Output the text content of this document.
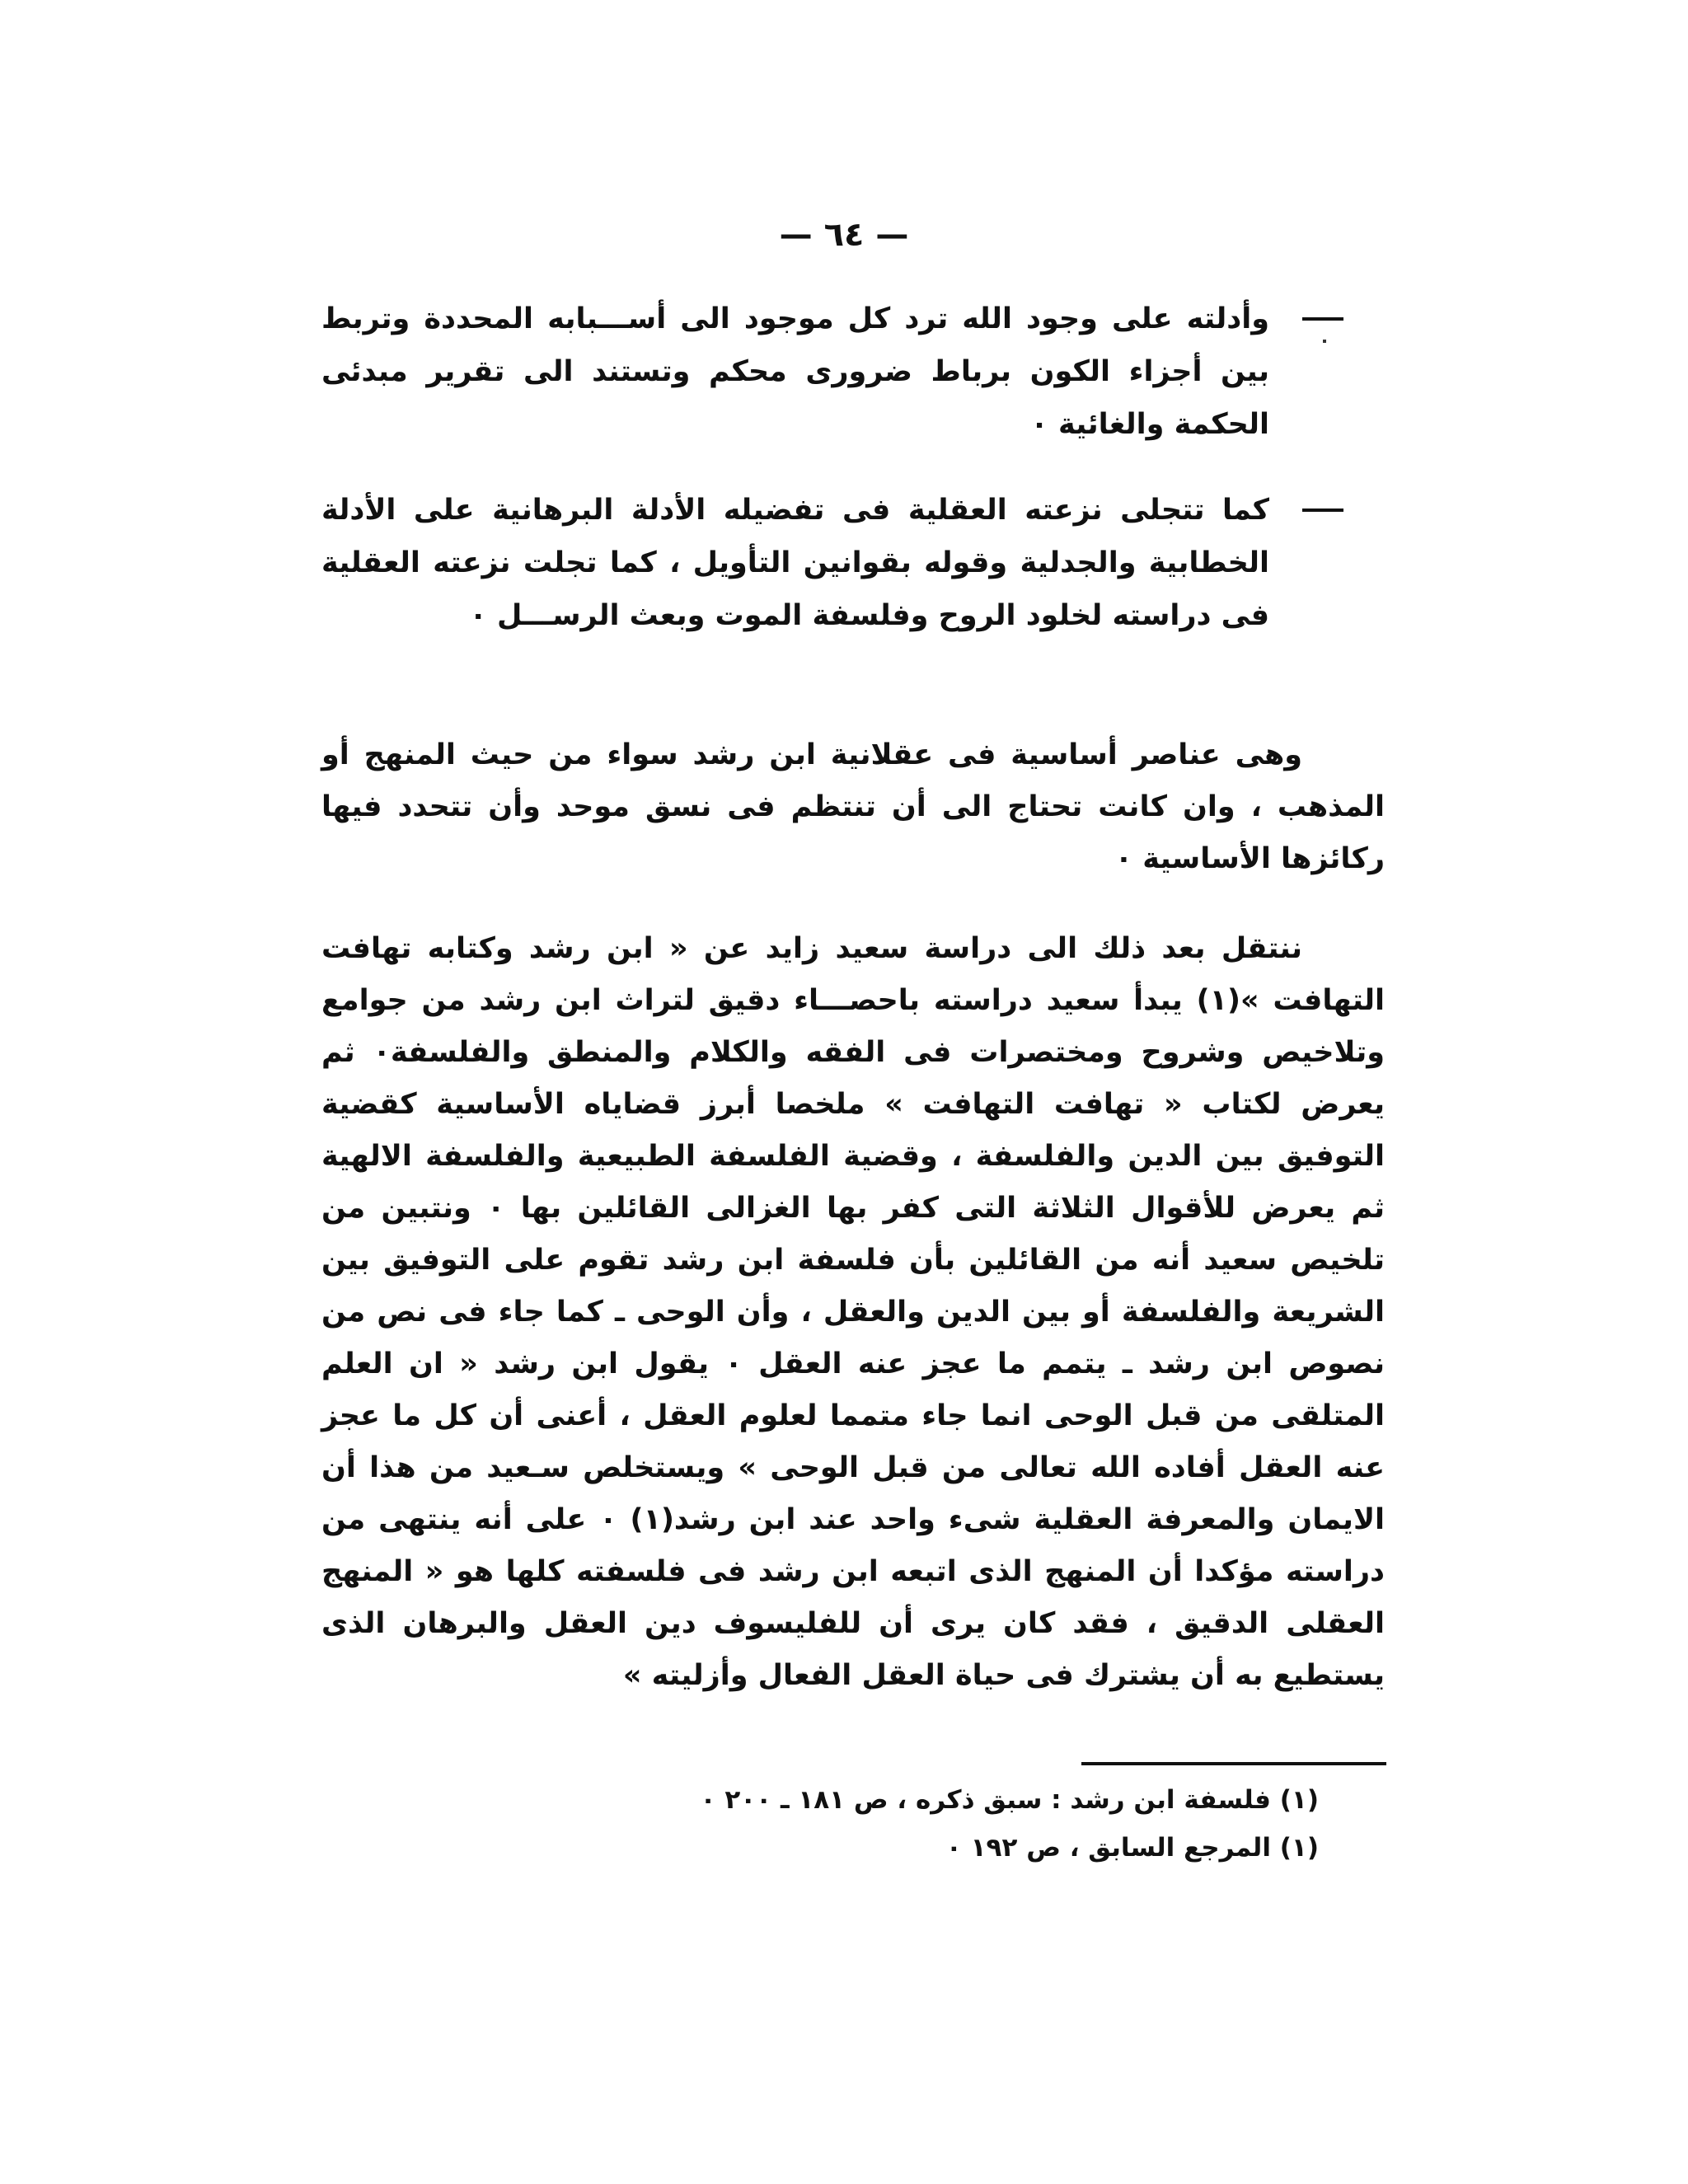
— ٦٤ —
وأدلته على وجود الله ترد كل موجود الى أســـبابه المحددة وتربط بين أجزاء الكون برباط ضرورى محكم وتستند الى تقرير مبدئى الحكمة والغائية ٠
كما تتجلى نزعته العقلية فى تفضيله الأدلة البرهانية على الأدلة الخطابية والجدلية وقوله بقوانين التأويل ، كما تجلت نزعته العقلية فى دراسته لخلود الروح وفلسفة الموت وبعث الرســـل ٠

وهى عناصر أساسية فى عقلانية ابن رشد سواء من حيث المنهج أو المذهب ، وان كانت تحتاج الى أن تنتظم فى نسق موحد وأن تتحدد فيها ركائزها الأساسية ٠

ننتقل بعد ذلك الى دراسة سعيد زايد عن « ابن رشد وكتابه تهافت التهافت »(١) يبدأ سعيد دراسته باحصـــاء دقيق لتراث ابن رشد من جوامع وتلاخيص وشروح ومختصرات فى الفقه والكلام والمنطق والفلسفة٠ ثم يعرض لكتاب « تهافت التهافت » ملخصا أبرز قضاياه الأساسية كقضية التوفيق بين الدين والفلسفة ، وقضية الفلسفة الطبيعية والفلسفة الالهية ثم يعرض للأقوال الثلاثة التى كفر بها الغزالى القائلين بها ٠ ونتبين من تلخيص سعيد أنه من القائلين بأن فلسفة ابن رشد تقوم على التوفيق بين الشريعة والفلسفة أو بين الدين والعقل ، وأن الوحى ـ كما جاء فى نص من نصوص ابن رشد ـ يتمم ما عجز عنه العقل ٠ يقول ابن رشد « ان العلم المتلقى من قبل الوحى انما جاء متمما لعلوم العقل ، أعنى أن كل ما عجز عنه العقل أفاده الله تعالى من قبل الوحى » ويستخلص سـعيد من هذا أن الايمان والمعرفة العقلية شىء واحد عند ابن رشد(١) ٠ على أنه ينتهى من دراسته مؤكدا أن المنهج الذى اتبعه ابن رشد فى فلسفته كلها هو « المنهج العقلى الدقيق ، فقد كان يرى أن للفليسوف دين العقل والبرهان الذى يستطيع به أن يشترك فى حياة العقل الفعال وأزليته »

(١) فلسفة ابن رشد : سبق ذكره ، ص ١٨١ ـ ٢٠٠ ٠
(١) المرجع السابق ، ص ١٩٢ ٠
